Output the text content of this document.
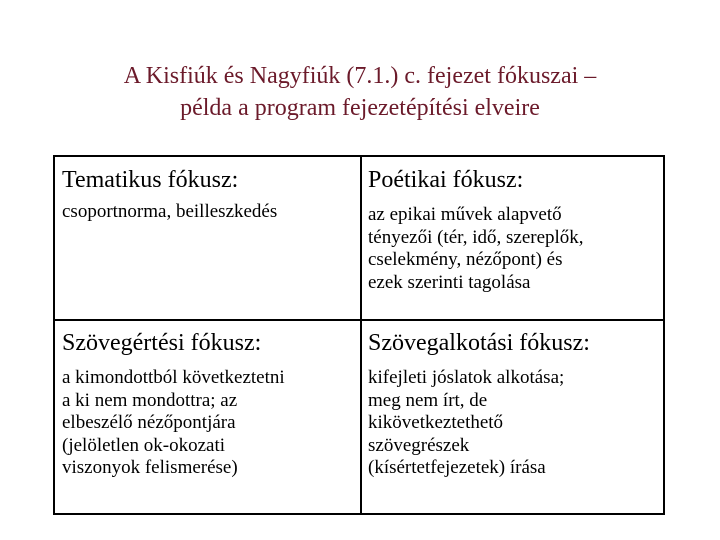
A Kisfiúk és Nagyfiúk (7.1.) c. fejezet fókuszai –
példa a program fejezetépítési elveire
Tematikus fókusz:
csoportnorma, beilleszkedés
Poétikai fókusz:
az epikai művek alapvető
tényezői (tér, idő, szereplők,
cselekmény, nézőpont) és
ezek szerinti tagolása
Szövegértési fókusz:
a kimondottból következtetni
a ki nem mondottra; az
elbeszélő nézőpontjára
(jelöletlen ok-okozati
viszonyok felismerése)
Szövegalkotási fókusz:
kifejleti jóslatok alkotása;
meg nem írt, de
kikövetkeztethető
szövegrészek
(kísértetfejezetek) írása
